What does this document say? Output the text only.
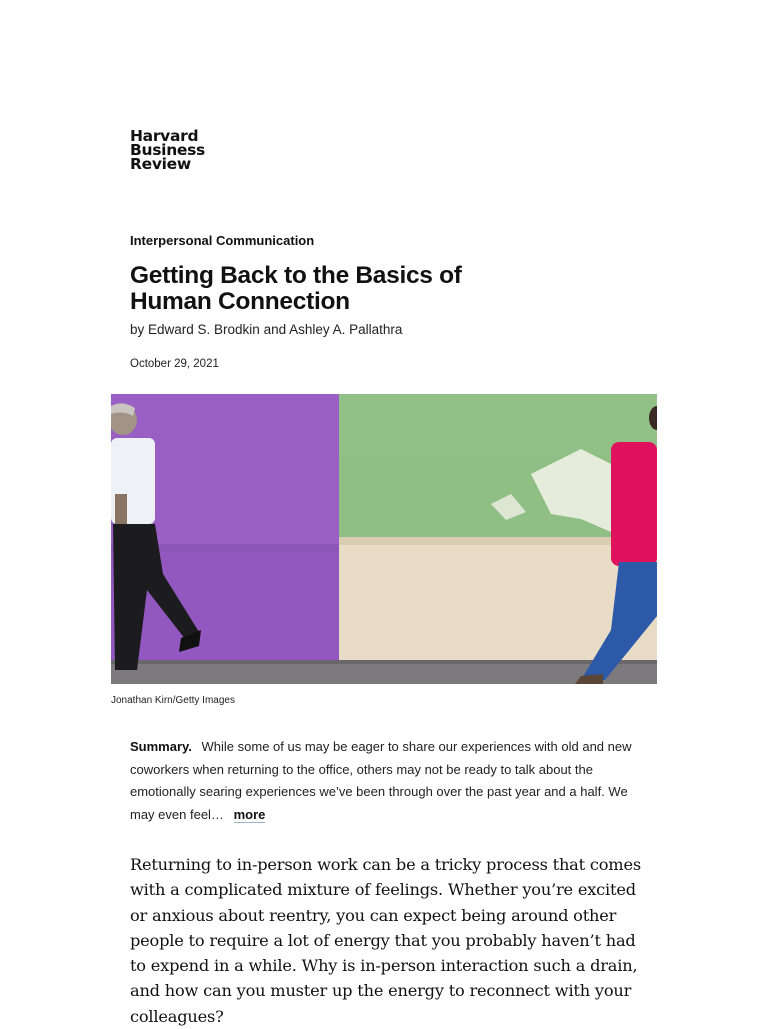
Harvard
Business
Review
Interpersonal Communication
Getting Back to the Basics of
Human Connection
by Edward S. Brodkin and Ashley A. Pallathra
October 29, 2021
Jonathan Kirn/Getty Images
Summary. While some of us may be eager to share our experiences with old and new coworkers when returning to the office, others may not be ready to talk about the emotionally searing experiences we’ve been through over the past year and a half. We may even feel… more

Returning to in-person work can be a tricky process that comes with a complicated mixture of feelings. Whether you’re excited or anxious about reentry, you can expect being around other people to require a lot of energy that you probably haven’t had to expend in a while. Why is in-person interaction such a drain, and how can you muster up the energy to reconnect with your colleagues?
